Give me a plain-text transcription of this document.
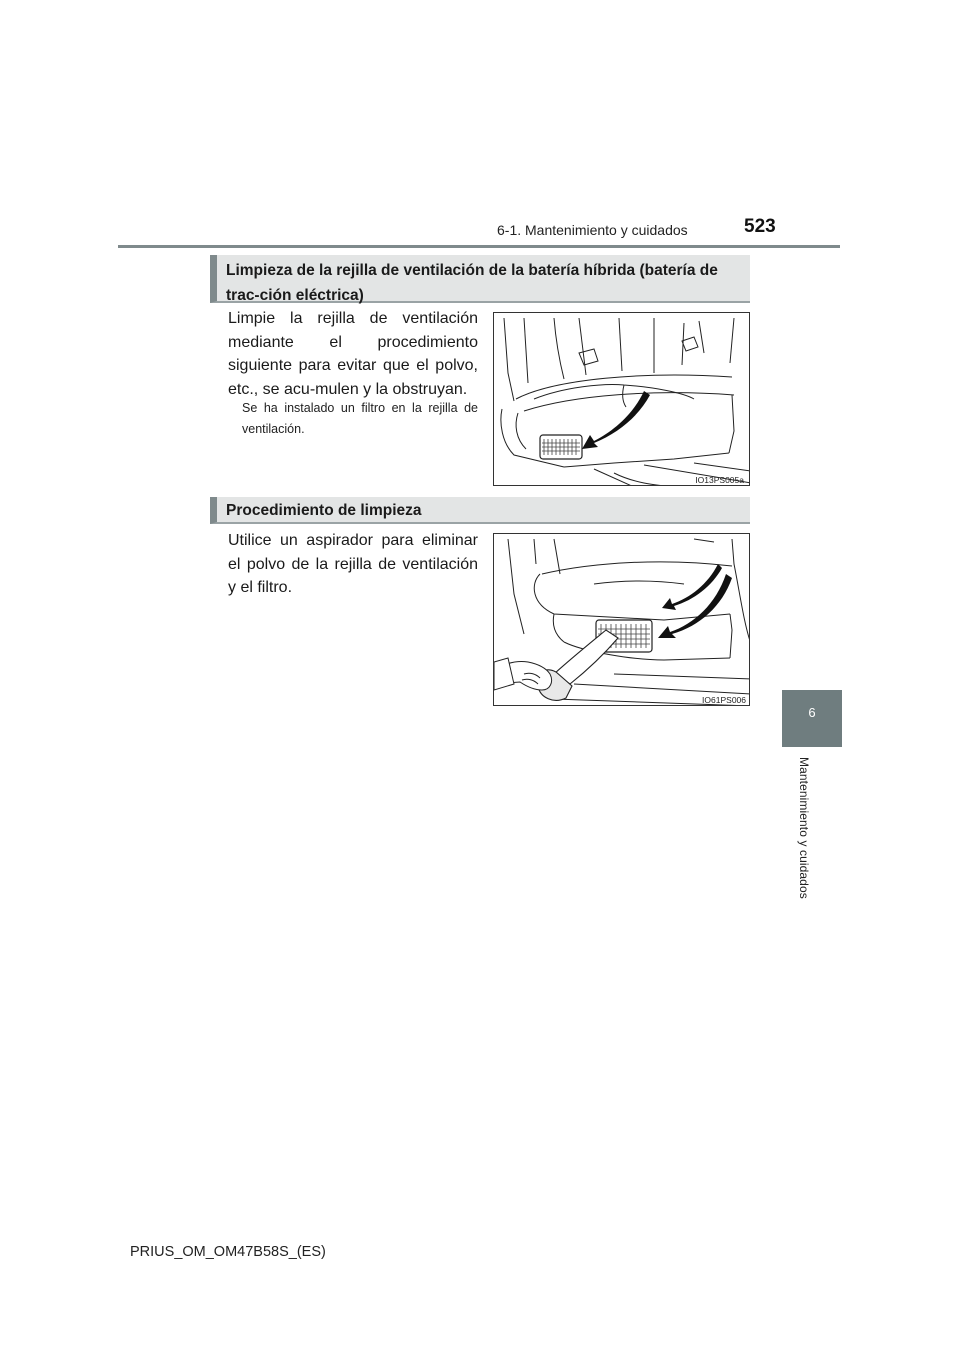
6-1. Mantenimiento y cuidados	523
6
Mantenimiento y cuidados
Limpieza de la rejilla de ventilación de la batería híbrida (batería de trac-ción eléctrica)
Limpie la rejilla de ventilación mediante el procedimiento siguiente para evitar que el polvo, etc., se acu-mulen y la obstruyan.
Se ha instalado un filtro en la rejilla de ventilación.
IO13PS005a
Procedimiento de limpieza
Utilice un aspirador para eliminar el polvo de la rejilla de ventilación y el filtro.
IO61PS006
PRIUS_OM_OM47B58S_(ES)
